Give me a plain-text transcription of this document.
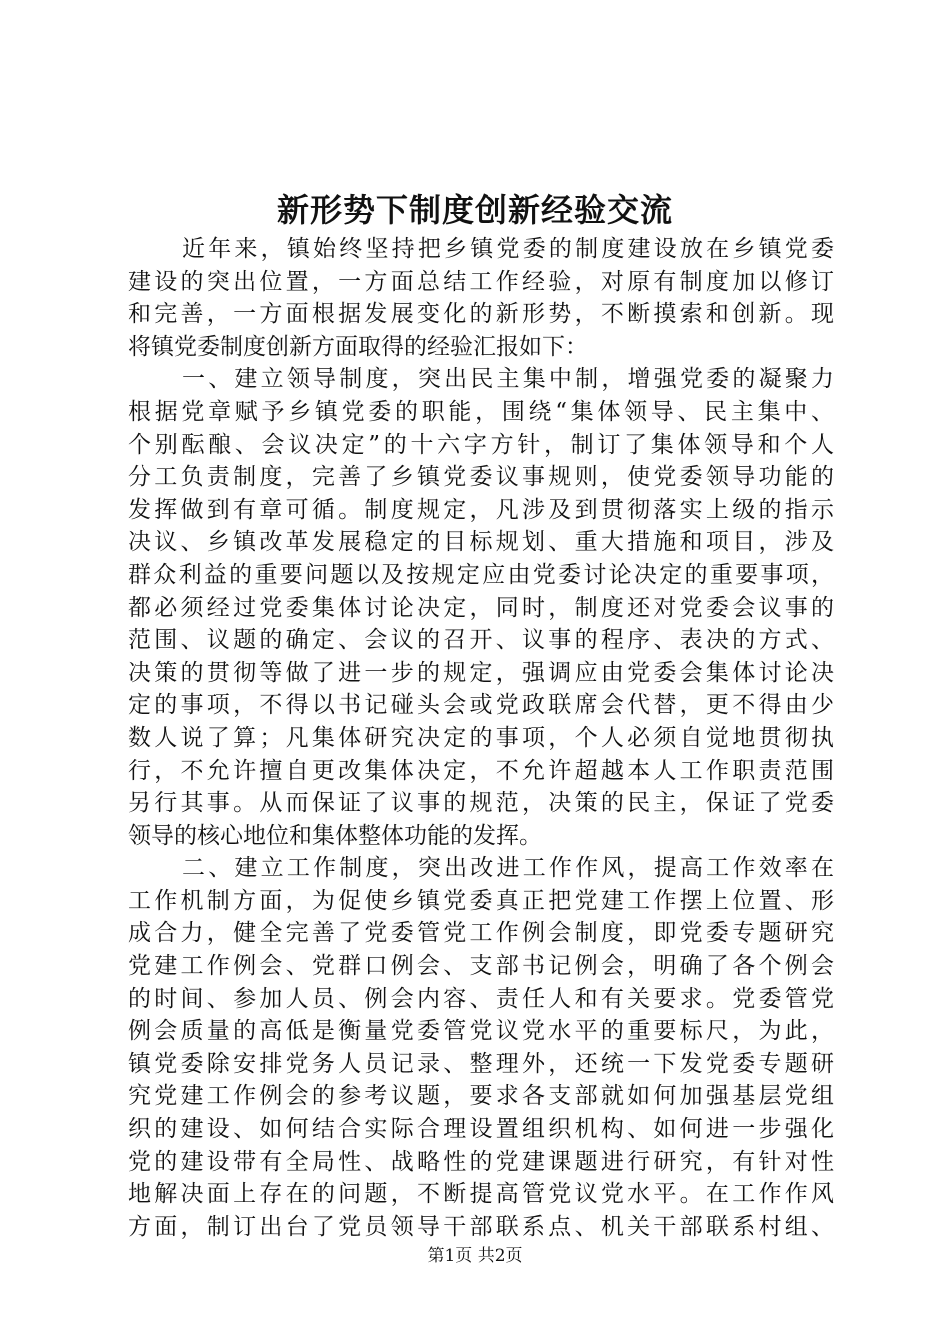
新形势下制度创新经验交流
近年来，镇始终坚持把乡镇党委的制度建设放在乡镇党委
建设的突出位置，一方面总结工作经验，对原有制度加以修订
和完善，一方面根据发展变化的新形势，不断摸索和创新。现
将镇党委制度创新方面取得的经验汇报如下：
一、建立领导制度，突出民主集中制，增强党委的凝聚力
根据党章赋予乡镇党委的职能，围绕“集体领导、民主集中、
个别酝酿、会议决定”的十六字方针，制订了集体领导和个人
分工负责制度，完善了乡镇党委议事规则，使党委领导功能的
发挥做到有章可循。制度规定，凡涉及到贯彻落实上级的指示
决议、乡镇改革发展稳定的目标规划、重大措施和项目，涉及
群众利益的重要问题以及按规定应由党委讨论决定的重要事项，
都必须经过党委集体讨论决定，同时，制度还对党委会议事的
范围、议题的确定、会议的召开、议事的程序、表决的方式、
决策的贯彻等做了进一步的规定，强调应由党委会集体讨论决
定的事项，不得以书记碰头会或党政联席会代替，更不得由少
数人说了算；凡集体研究决定的事项，个人必须自觉地贯彻执
行，不允许擅自更改集体决定，不允许超越本人工作职责范围
另行其事。从而保证了议事的规范，决策的民主，保证了党委
领导的核心地位和集体整体功能的发挥。
二、建立工作制度，突出改进工作作风，提高工作效率在
工作机制方面，为促使乡镇党委真正把党建工作摆上位置、形
成合力，健全完善了党委管党工作例会制度，即党委专题研究
党建工作例会、党群口例会、支部书记例会，明确了各个例会
的时间、参加人员、例会内容、责任人和有关要求。党委管党
例会质量的高低是衡量党委管党议党水平的重要标尺，为此，
镇党委除安排党务人员记录、整理外，还统一下发党委专题研
究党建工作例会的参考议题，要求各支部就如何加强基层党组
织的建设、如何结合实际合理设置组织机构、如何进一步强化
党的建设带有全局性、战略性的党建课题进行研究，有针对性
地解决面上存在的问题，不断提高管党议党水平。在工作作风
方面，制订出台了党员领导干部联系点、机关干部联系村组、
第1页 共2页
